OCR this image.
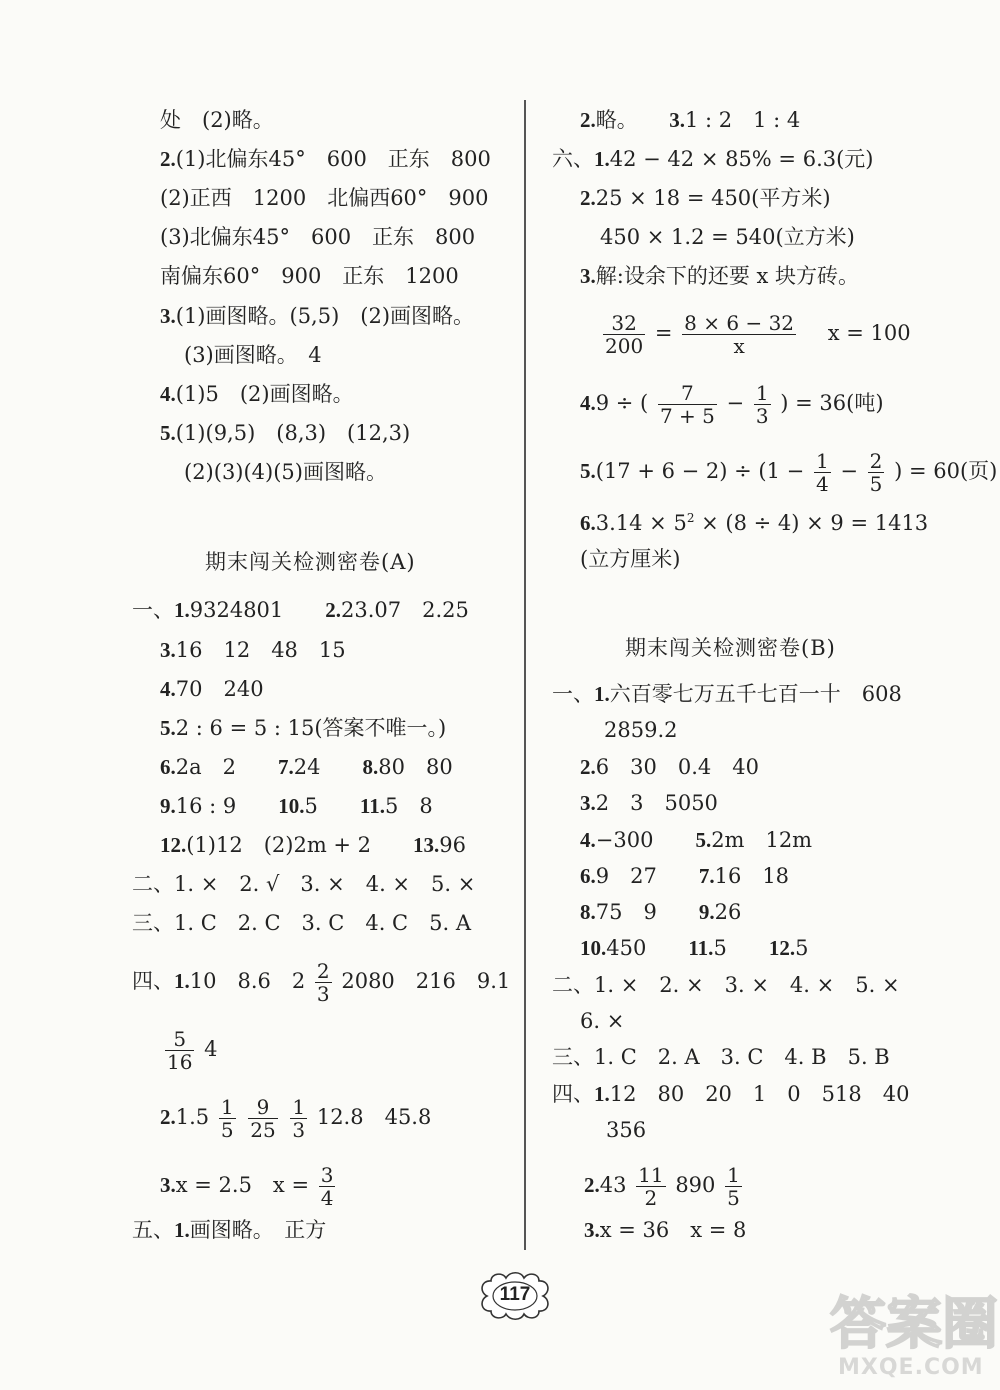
处　(2)略。
2.(1)北偏东45°　600　正东　800
(2)正西　1200　北偏西60°　900
(3)北偏东45°　600　正东　800
南偏东60°　900　正东　1200
3.(1)画图略。(5,5)　(2)画图略。
(3)画图略。　4
4.(1)5　(2)画图略。
5.(1)(9,5)　(8,3)　(12,3)
(2)(3)(4)(5)画图略。
期末闯关检测密卷(A)
一、1.9324801　　2.23.07　2.25
3.16　12　48　15
4.70　240
5.2 : 6 = 5 : 15(答案不唯一。)
6.2a　2　　7.24　　8.80　80
9.16 : 9　　10.5　　11.5　8
12.(1)12　(2)2m + 2　　13.96
二、1. ×　2. √　3. ×　4. ×　5. ×
三、1. C　2. C　3. C　4. C　5. A
四、1.10　8.6　$2 \frac{2}{3} 2080$　216　9.1
$\frac{5}{16} 4$
$2.1.5 \frac{1}{5}$
$\frac{9}{25}$
$\frac{1}{3} 12.8$　45.8
3.x = 2.5　$x = \frac{3}{4}$
五、1.画图略。　正方
2.略。　　3.1 : 2　1 : 4
六、1.42 − 42 × 85% = 6.3(元)
2.25 × 18 = 450(平方米)
450 × 1.2 = 540(立方米)
3.解:设余下的还要 x 块方砖。
$\frac{32}{200} = \frac{8 \times 6 - 32}{x}$ x = 100
4.9 ÷ ( $\frac{7}{7 + 5} - \frac{1}{3}$ ) = 36(吨)
$5.(17 + 6 - 2) \div (1 - \frac{1}{4} - \frac{2}{5}$ ) = 60(页)
$6.3.14 \times 5^2 \times (8 \div 4) \times 9 = 1413$
(立方厘米)
期末闯关检测密卷(B)
一、1.六百零七万五千七百一十　608
2859.2
2.6　30　0.4　40
3.2　3　5050
4.−300　　5.2m　12m
6.9　27　　7.16　18
8.75　9　　9.26
10.450　　11.5　　12.5
二、1. ×　2. ×　3. ×　4. ×　5. ×
6. ×
三、1. C　2. A　3. C　4. B　5. B
四、1.12　80　20　1　0　518　40
356
$2.43 \frac{11}{2} 890 \frac{1}{5}$
3.x = 36　x = 8
117	答案圈
MXQE.COM
